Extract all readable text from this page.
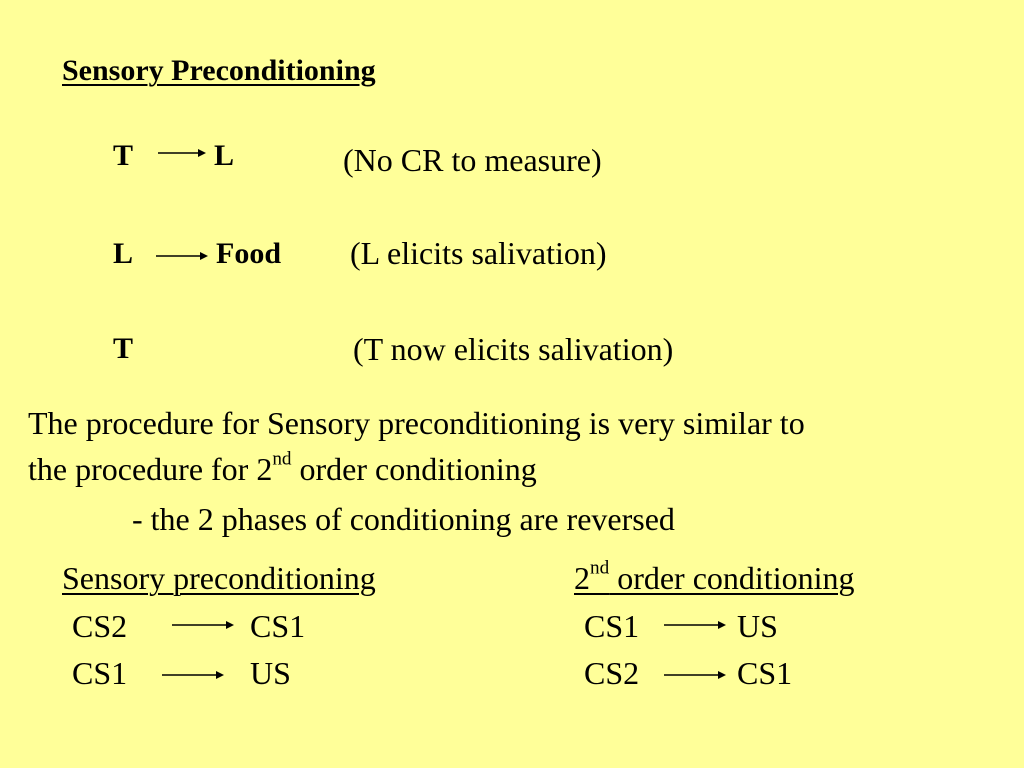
Sensory Preconditioning
T	L	(No CR to measure)
L	Food (L elicits salivation)
T	(T now elicits salivation)
The procedure for Sensory preconditioning is very similar to
the procedure for 2nd order conditioning
- the 2 phases of conditioning are reversed
Sensory preconditioning	2nd order conditioning
CS2	CS1
CS1	US
CS1	US
CS2	CS1
